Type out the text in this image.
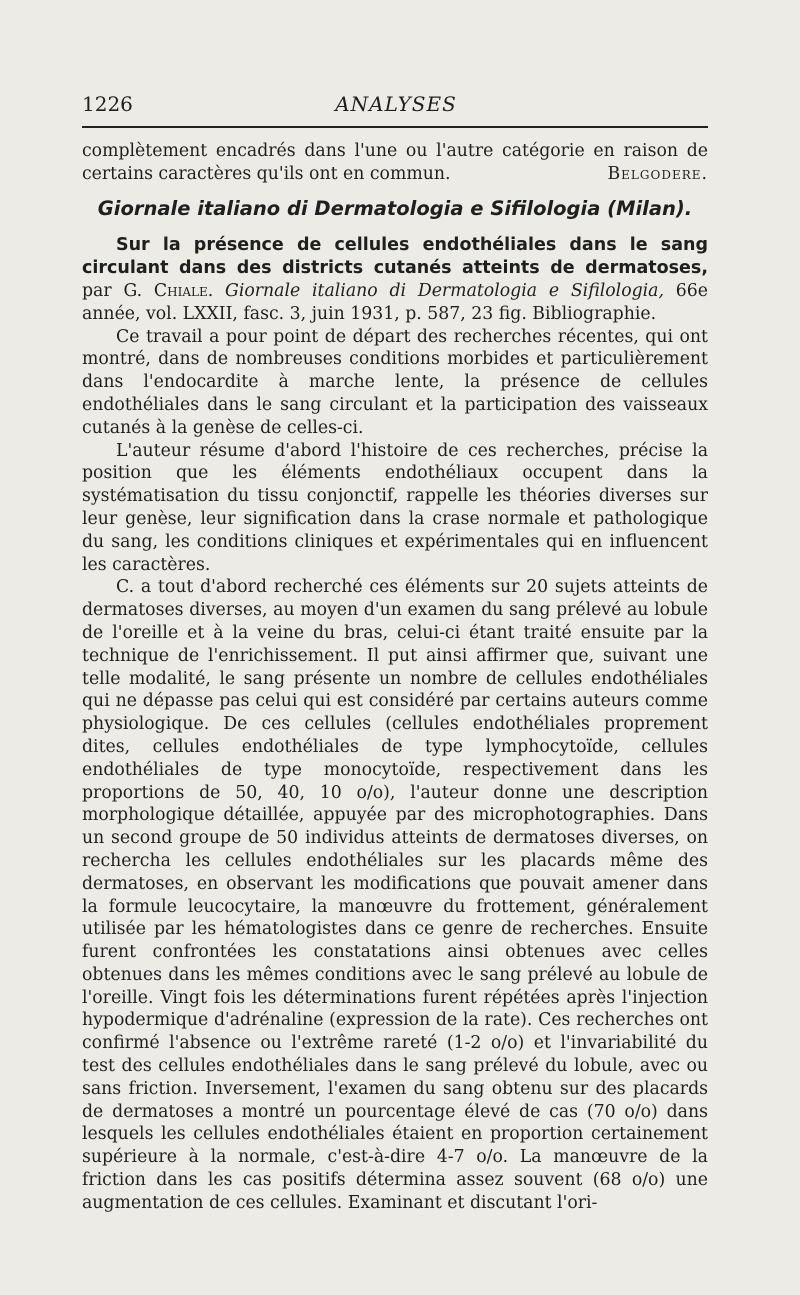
1226	ANALYSES

complètement encadrés dans l'une ou l'autre catégorie en raison de certains caractères qu'ils ont en commun.	Belgodere.

Giornale italiano di Dermatologia e Sifilologia (Milan).

Sur la présence de cellules endothéliales dans le sang circulant dans des districts cutanés atteints de dermatoses, par G. Chiale. Giornale italiano di Dermatologia e Sifilologia, 66e année, vol. LXXII, fasc. 3, juin 1931, p. 587, 23 fig. Bibliographie.

Ce travail a pour point de départ des recherches récentes, qui ont montré, dans de nombreuses conditions morbides et particulièrement dans l'endocardite à marche lente, la présence de cellules endothéliales dans le sang circulant et la participation des vaisseaux cutanés à la genèse de celles-ci.

L'auteur résume d'abord l'histoire de ces recherches, précise la position que les éléments endothéliaux occupent dans la systématisation du tissu conjonctif, rappelle les théories diverses sur leur genèse, leur signification dans la crase normale et pathologique du sang, les conditions cliniques et expérimentales qui en influencent les caractères.

C. a tout d'abord recherché ces éléments sur 20 sujets atteints de dermatoses diverses, au moyen d'un examen du sang prélevé au lobule de l'oreille et à la veine du bras, celui-ci étant traité ensuite par la technique de l'enrichissement. Il put ainsi affirmer que, suivant une telle modalité, le sang présente un nombre de cellules endothéliales qui ne dépasse pas celui qui est considéré par certains auteurs comme physiologique. De ces cellules (cellules endothéliales proprement dites, cellules endothéliales de type lymphocytoïde, cellules endothéliales de type monocytoïde, respectivement dans les proportions de 50, 40, 10 o/o), l'auteur donne une description morphologique détaillée, appuyée par des microphotographies. Dans un second groupe de 50 individus atteints de dermatoses diverses, on rechercha les cellules endothéliales sur les placards même des dermatoses, en observant les modifications que pouvait amener dans la formule leucocytaire, la manœuvre du frottement, généralement utilisée par les hématologistes dans ce genre de recherches. Ensuite furent confrontées les constatations ainsi obtenues avec celles obtenues dans les mêmes conditions avec le sang prélevé au lobule de l'oreille. Vingt fois les déterminations furent répétées après l'injection hypodermique d'adrénaline (expression de la rate). Ces recherches ont confirmé l'absence ou l'extrême rareté (1-2 o/o) et l'invariabilité du test des cellules endothéliales dans le sang prélevé du lobule, avec ou sans friction. Inversement, l'examen du sang obtenu sur des placards de dermatoses a montré un pourcentage élevé de cas (70 o/o) dans lesquels les cellules endothéliales étaient en proportion certainement supérieure à la normale, c'est-à-dire 4-7 o/o. La manœuvre de la friction dans les cas positifs détermina assez souvent (68 o/o) une augmentation de ces cellules. Examinant et discutant l'ori-
